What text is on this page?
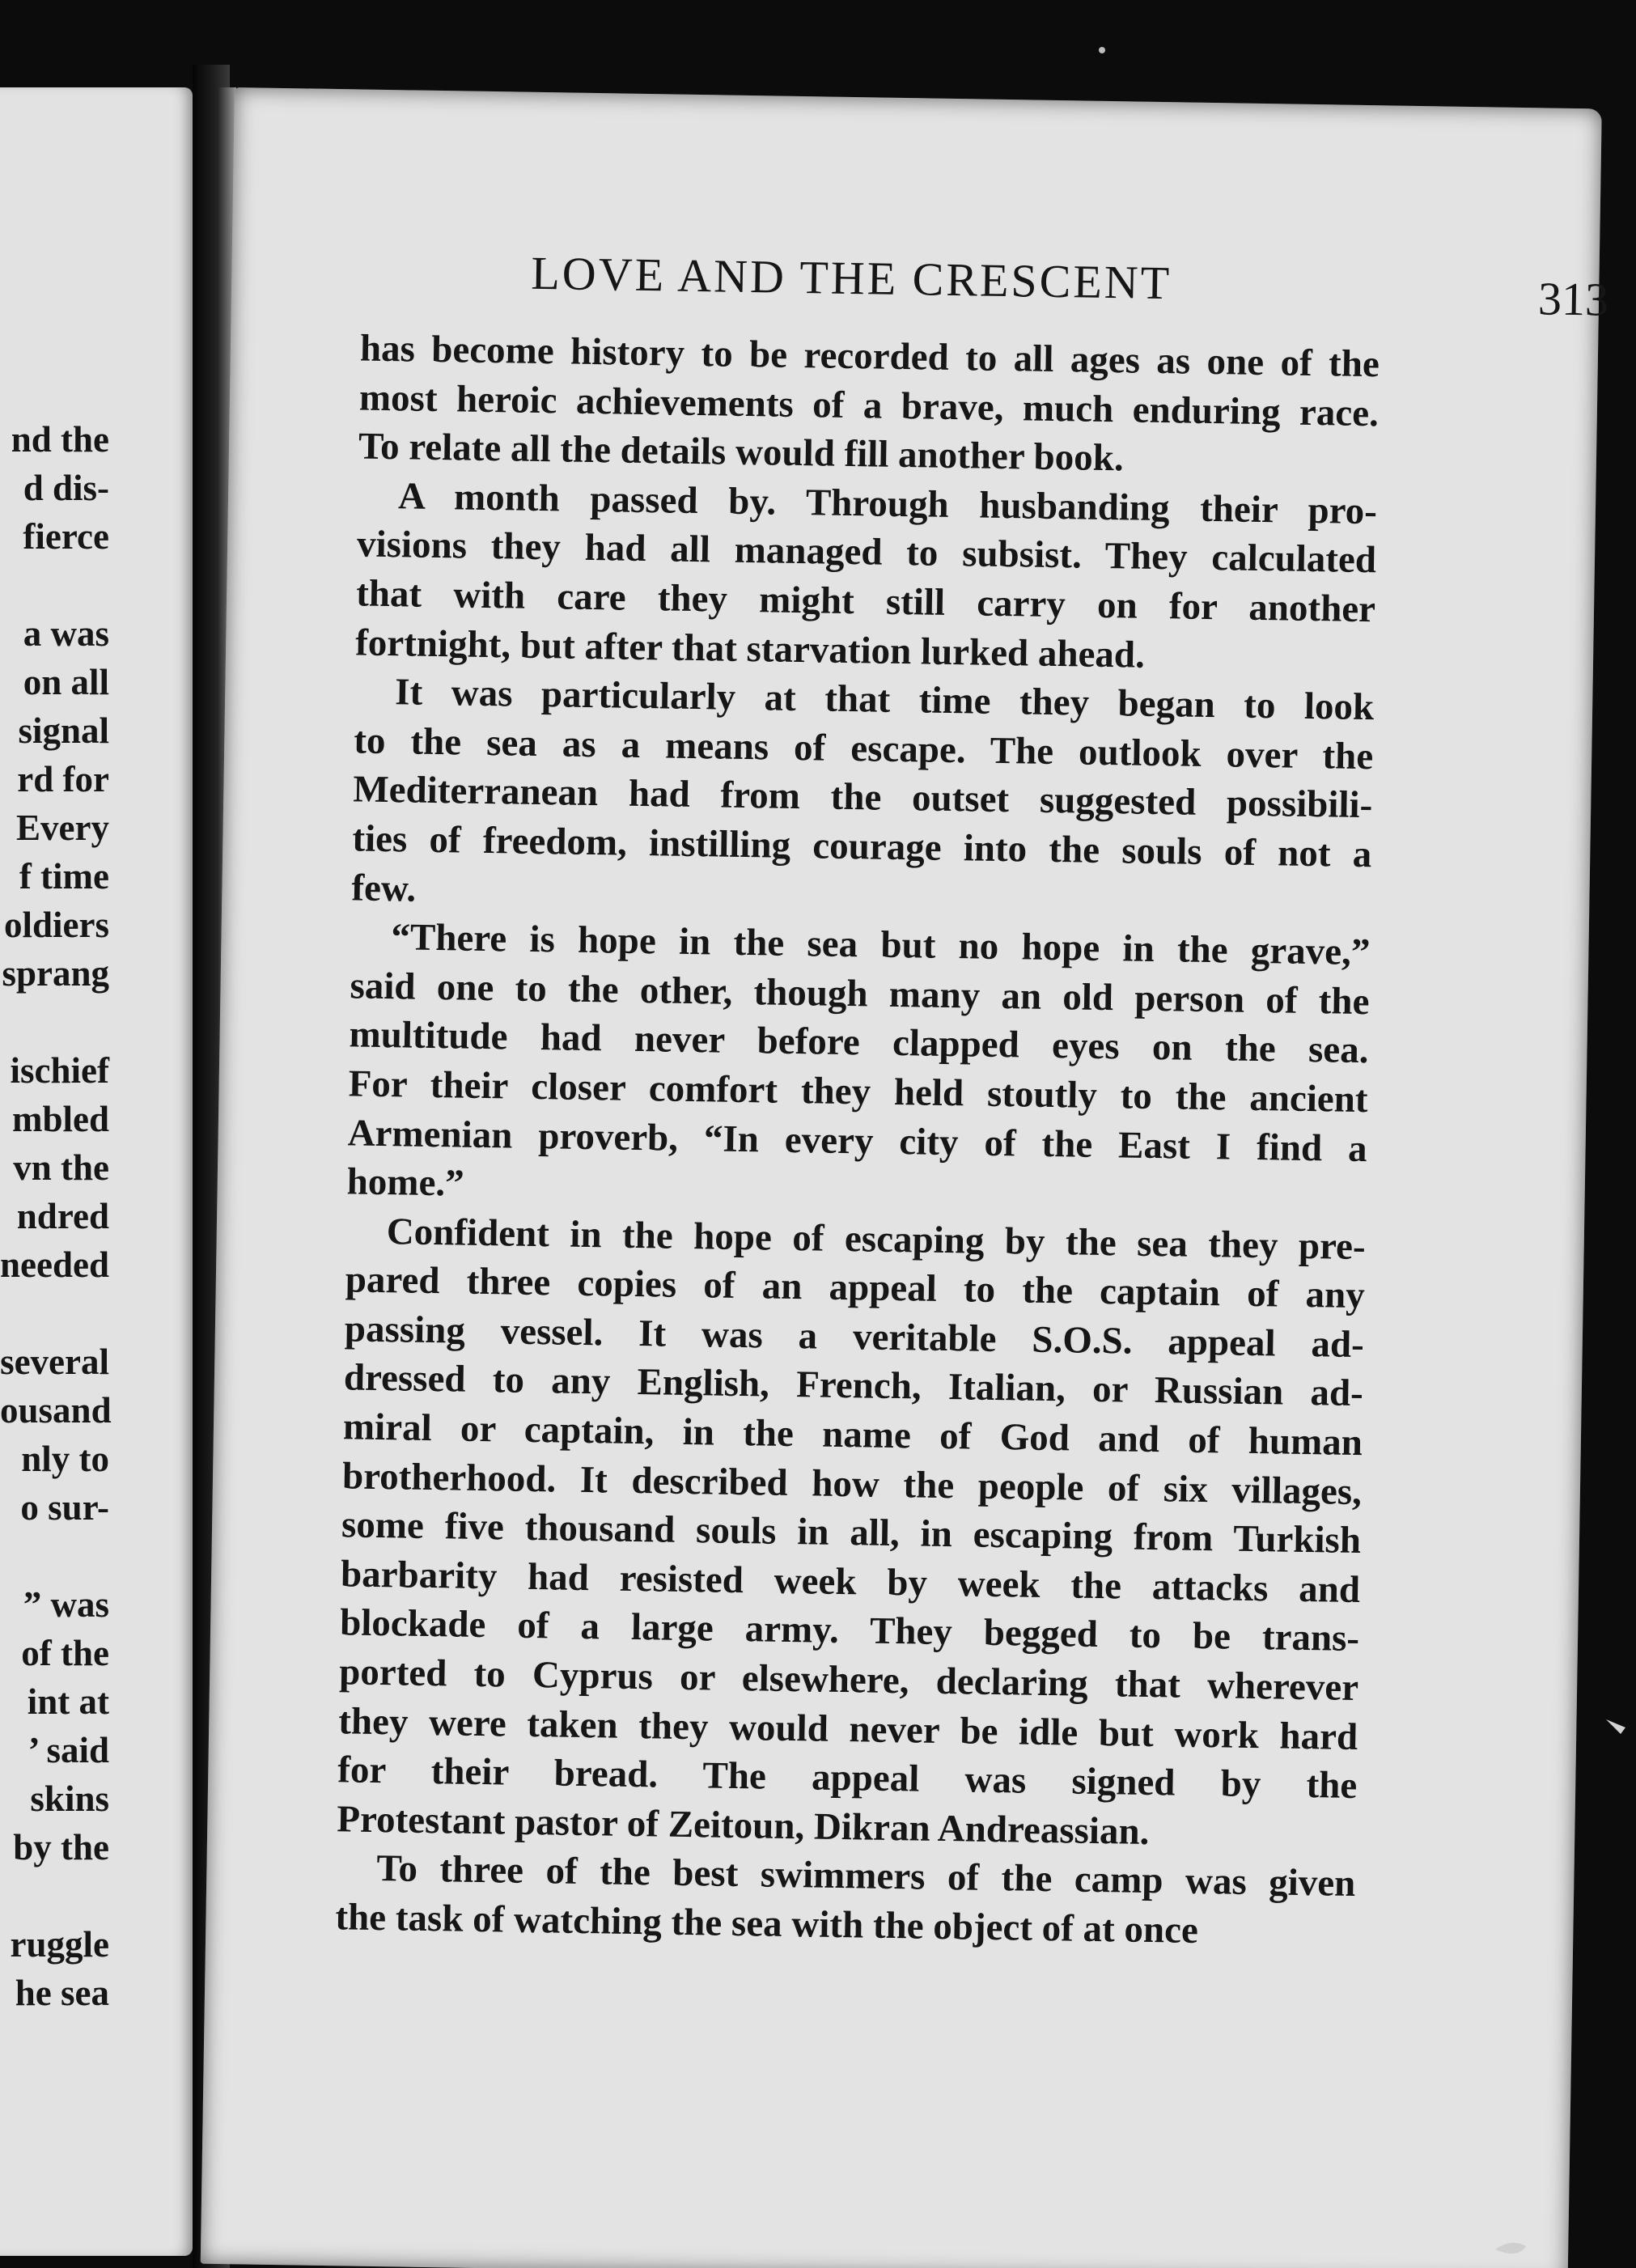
nd the
d dis-
fierce
a was
on all
signal
rd for
Every
f time
oldiers
sprang
ischief
mbled
vn the
ndred
needed
several
ousand
nly to
o sur-
” was
of the
int at
’ said
skins
by the
ruggle
he sea
LOVE AND THE CRESCENT	313
has become history to be recorded to all ages as one of the
most heroic achievements of a brave, much enduring race.
To relate all the details would fill another book.
A month passed by. Through husbanding their pro-
visions they had all managed to subsist. They calculated
that with care they might still carry on for another
fortnight, but after that starvation lurked ahead.
It was particularly at that time they began to look
to the sea as a means of escape. The outlook over the
Mediterranean had from the outset suggested possibili-
ties of freedom, instilling courage into the souls of not a
few.
“There is hope in the sea but no hope in the grave,”
said one to the other, though many an old person of the
multitude had never before clapped eyes on the sea.
For their closer comfort they held stoutly to the ancient
Armenian proverb, “In every city of the East I find a
home.”
Confident in the hope of escaping by the sea they pre-
pared three copies of an appeal to the captain of any
passing vessel. It was a veritable S.O.S. appeal ad-
dressed to any English, French, Italian, or Russian ad-
miral or captain, in the name of God and of human
brotherhood. It described how the people of six villages,
some five thousand souls in all, in escaping from Turkish
barbarity had resisted week by week the attacks and
blockade of a large army. They begged to be trans-
ported to Cyprus or elsewhere, declaring that wherever
they were taken they would never be idle but work hard
for their bread. The appeal was signed by the
Protestant pastor of Zeitoun, Dikran Andreassian.
To three of the best swimmers of the camp was given
the task of watching the sea with the object of at once
